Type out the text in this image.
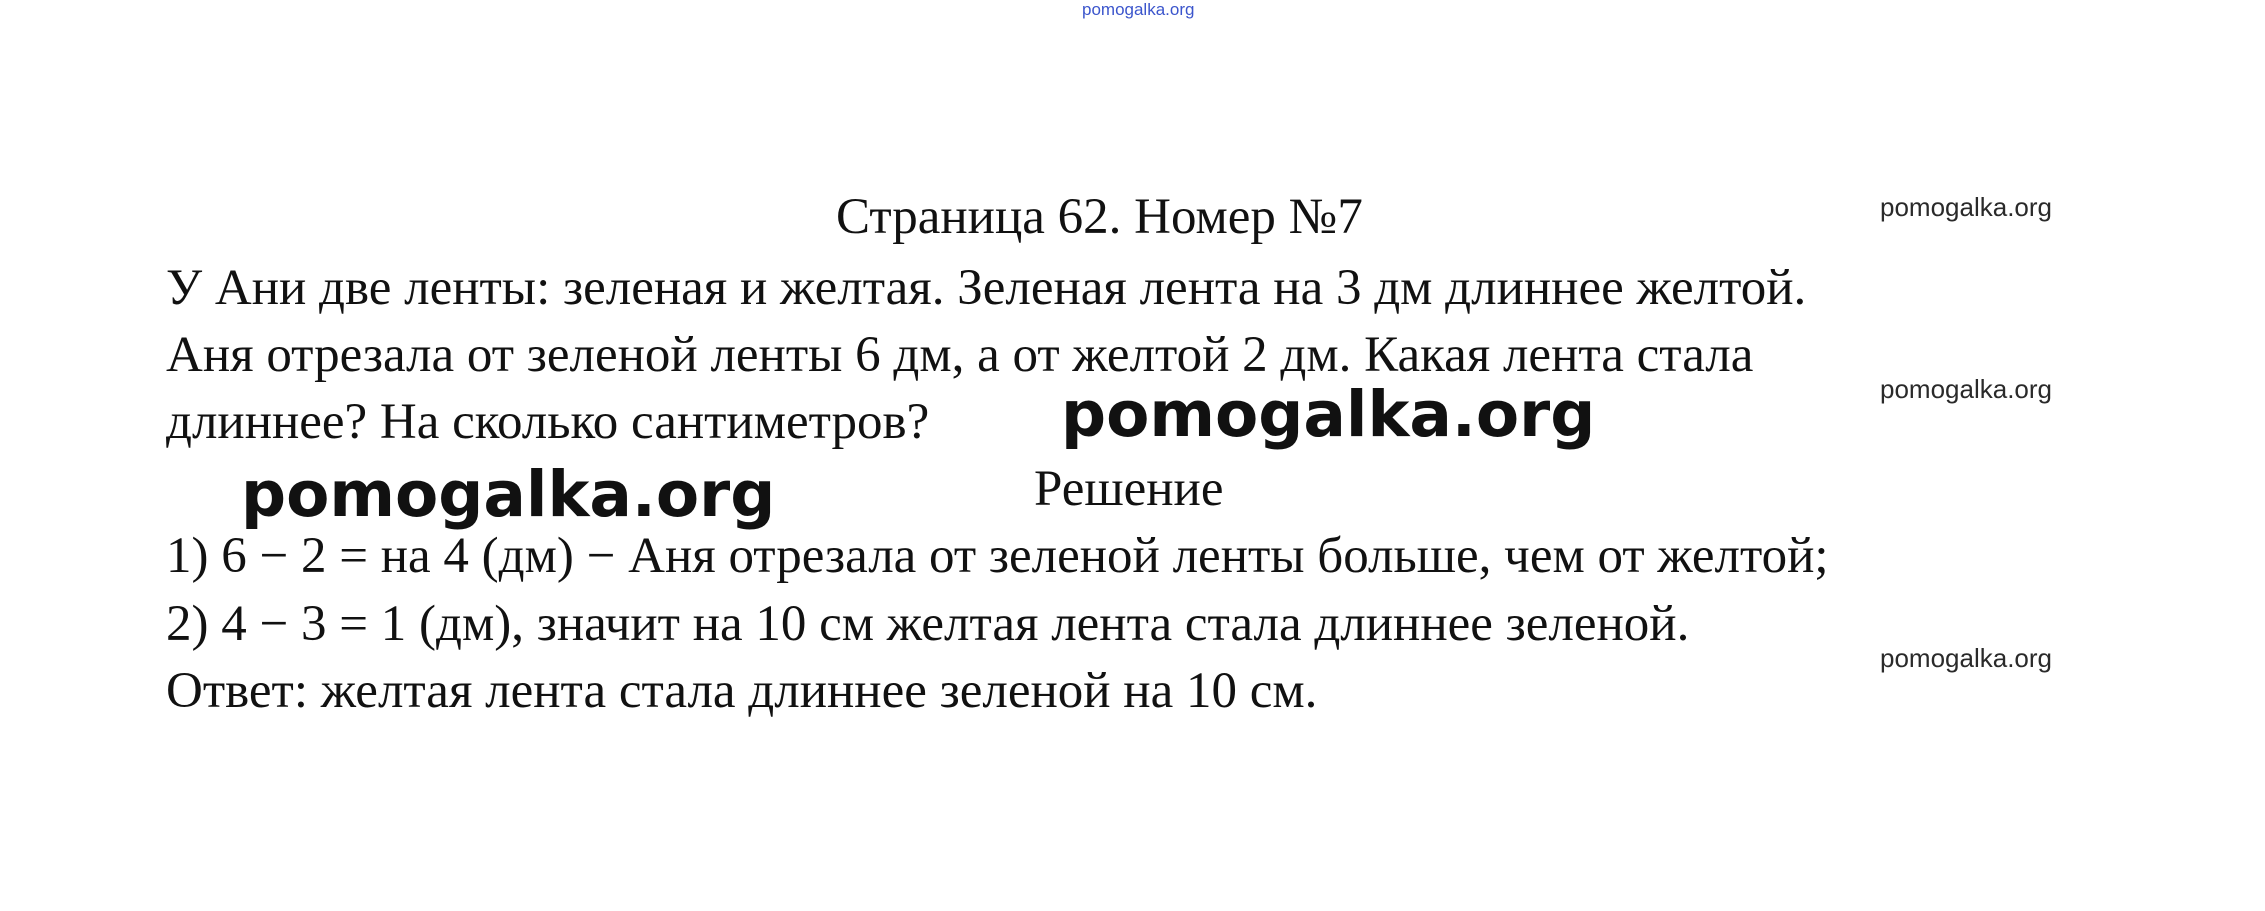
pomogalka.org
Страница 62. Номер №7	pomogalka.org
У Ани две ленты: зеленая и желтая. Зеленая лента на 3 дм длиннее желтой.
Аня отрезала от зеленой ленты 6 дм, а от желтой 2 дм. Какая лента стала
pomogalka.org
длиннее? На сколько сантиметров? pomogalka.org
pomogalka.org	Решение
1) 6 − 2 = на 4 (дм) − Аня отрезала от зеленой ленты больше, чем от желтой;
2) 4 − 3 = 1 (дм), значит на 10 см желтая лента стала длиннее зеленой.
pomogalka.org
Ответ: желтая лента стала длиннее зеленой на 10 см.
